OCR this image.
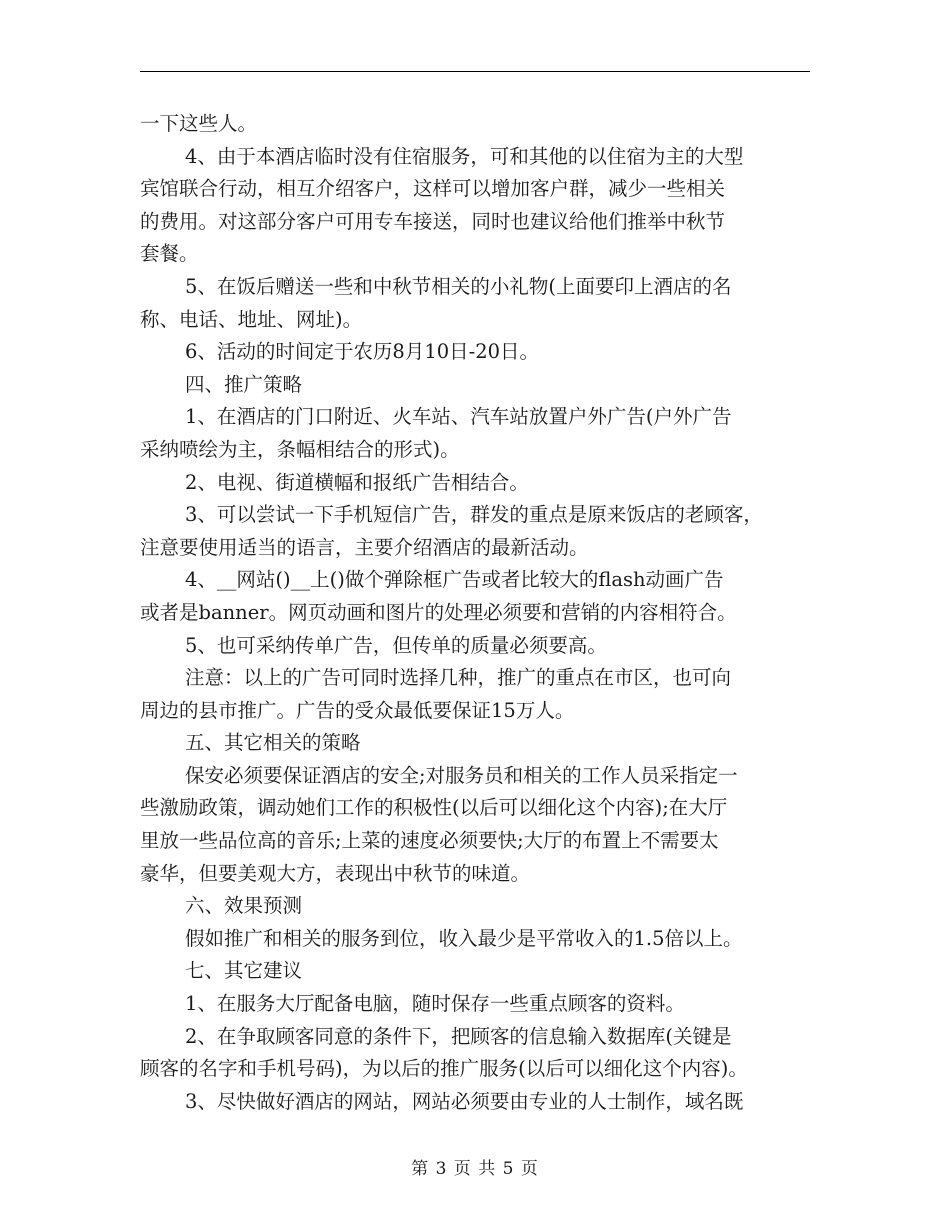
一下这些人。
4、由于本酒店临时没有住宿服务，可和其他的以住宿为主的大型
宾馆联合行动，相互介绍客户，这样可以增加客户群，减少一些相关
的费用。对这部分客户可用专车接送，同时也建议给他们推举中秋节
套餐。
5、在饭后赠送一些和中秋节相关的小礼物(上面要印上酒店的名
称、电话、地址、网址)。
6、活动的时间定于农历8月10日-20日。
四、推广策略
1、在酒店的门口附近、火车站、汽车站放置户外广告(户外广告
采纳喷绘为主，条幅相结合的形式)。
2、电视、街道横幅和报纸广告相结合。
3、可以尝试一下手机短信广告，群发的重点是原来饭店的老顾客，
注意要使用适当的语言，主要介绍酒店的最新活动。
4、__网站()__上()做个弹除框广告或者比较大的flash动画广告
或者是banner。网页动画和图片的处理必须要和营销的内容相符合。
5、也可采纳传单广告，但传单的质量必须要高。
注意：以上的广告可同时选择几种，推广的重点在市区，也可向
周边的县市推广。广告的受众最低要保证15万人。
五、其它相关的策略
保安必须要保证酒店的安全;对服务员和相关的工作人员采指定一
些激励政策，调动她们工作的积极性(以后可以细化这个内容);在大厅
里放一些品位高的音乐;上菜的速度必须要快;大厅的布置上不需要太
豪华，但要美观大方，表现出中秋节的味道。
六、效果预测
假如推广和相关的服务到位，收入最少是平常收入的1.5倍以上。
七、其它建议
1、在服务大厅配备电脑，随时保存一些重点顾客的资料。
2、在争取顾客同意的条件下，把顾客的信息输入数据库(关键是
顾客的名字和手机号码)，为以后的推广服务(以后可以细化这个内容)。
3、尽快做好酒店的网站，网站必须要由专业的人士制作，域名既
第 3 页 共 5 页
